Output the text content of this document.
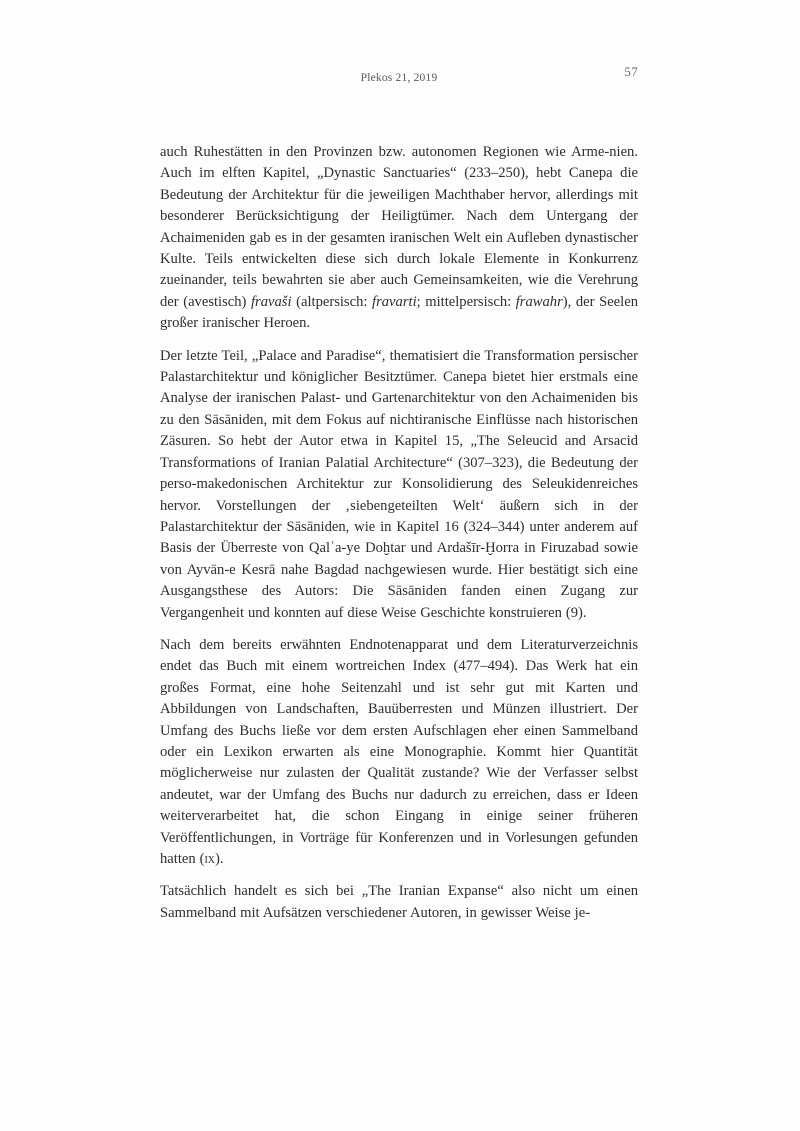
Plekos 21, 2019	57

auch Ruhestätten in den Provinzen bzw. autonomen Regionen wie Arme-nien. Auch im elften Kapitel, „Dynastic Sanctuaries“ (233–250), hebt Canepa die Bedeutung der Architektur für die jeweiligen Machthaber hervor, allerdings mit besonderer Berücksichtigung der Heiligtümer. Nach dem Untergang der Achaimeniden gab es in der gesamten iranischen Welt ein Aufleben dynastischer Kulte. Teils entwickelten diese sich durch lokale Elemente in Konkurrenz zueinander, teils bewahrten sie aber auch Gemeinsamkeiten, wie die Verehrung der (avestisch) fravaši (altpersisch: fravarti; mittelpersisch: frawahr), der Seelen großer iranischer Heroen.

Der letzte Teil, „Palace and Paradise“, thematisiert die Transformation persischer Palastarchitektur und königlicher Besitztümer. Canepa bietet hier erstmals eine Analyse der iranischen Palast- und Gartenarchitektur von den Achaimeniden bis zu den Sāsāniden, mit dem Fokus auf nichtiranische Einflüsse nach historischen Zäsuren. So hebt der Autor etwa in Kapitel 15, „The Seleucid and Arsacid Transformations of Iranian Palatial Architecture“ (307–323), die Bedeutung der perso-makedonischen Architektur zur Konsolidierung des Seleukidenreiches hervor. Vorstellungen der ‚siebengeteilten Welt‘ äußern sich in der Palastarchitektur der Sāsāniden, wie in Kapitel 16 (324–344) unter anderem auf Basis der Überreste von Qalʿa-ye Doḫtar und Ardašīr-Ḫorra in Firuzabad sowie von Ayvān-e Kesrā nahe Bagdad nachgewiesen wurde. Hier bestätigt sich eine Ausgangsthese des Autors: Die Sāsāniden fanden einen Zugang zur Vergangenheit und konnten auf diese Weise Geschichte konstruieren (9).

Nach dem bereits erwähnten Endnotenapparat und dem Literaturverzeichnis endet das Buch mit einem wortreichen Index (477–494). Das Werk hat ein großes Format, eine hohe Seitenzahl und ist sehr gut mit Karten und Abbildungen von Landschaften, Bauüberresten und Münzen illustriert. Der Umfang des Buchs ließe vor dem ersten Aufschlagen eher einen Sammelband oder ein Lexikon erwarten als eine Monographie. Kommt hier Quantität möglicherweise nur zulasten der Qualität zustande? Wie der Verfasser selbst andeutet, war der Umfang des Buchs nur dadurch zu erreichen, dass er Ideen weiterverarbeitet hat, die schon Eingang in einige seiner früheren Veröffentlichungen, in Vorträge für Konferenzen und in Vorlesungen gefunden hatten (ix).

Tatsächlich handelt es sich bei „The Iranian Expanse“ also nicht um einen Sammelband mit Aufsätzen verschiedener Autoren, in gewisser Weise je-
